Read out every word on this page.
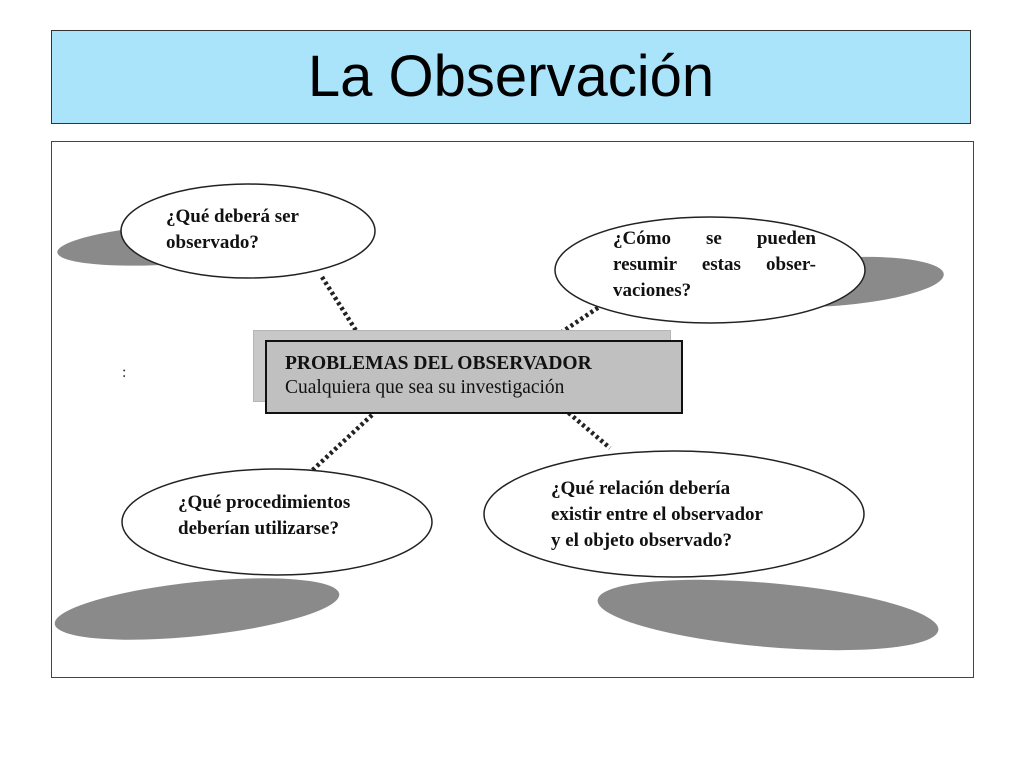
La Observación
:
¿Qué deberá ser
observado?	¿Cómo se pueden
resumir estas obser-
vaciones?
¿Qué procedimientos
deberían utilizarse?
¿Qué relación debería
existir entre el observador
y el objeto observado?
PROBLEMAS DEL OBSERVADOR
Cualquiera que sea su investigación
